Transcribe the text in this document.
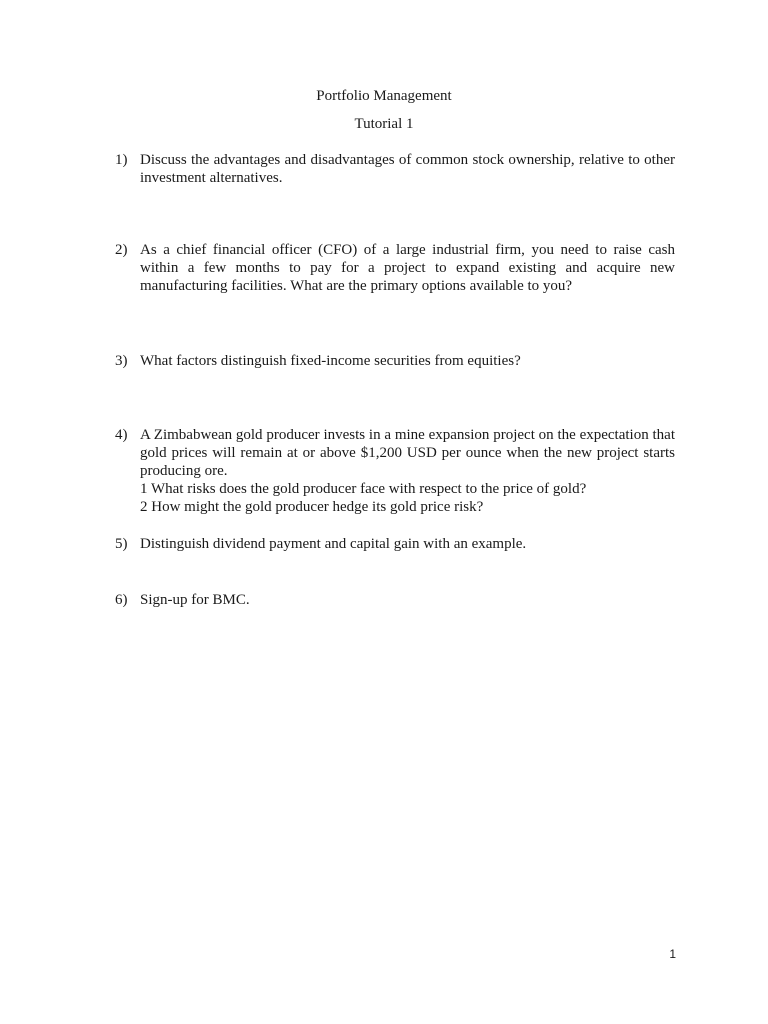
Portfolio Management
Tutorial 1
1) Discuss the advantages and disadvantages of common stock ownership, relative to other investment alternatives.
2) As a chief financial officer (CFO) of a large industrial firm, you need to raise cash within a few months to pay for a project to expand existing and acquire new manufacturing facilities. What are the primary options available to you?
3) What factors distinguish fixed-income securities from equities?
4) A Zimbabwean gold producer invests in a mine expansion project on the expectation that gold prices will remain at or above $1,200 USD per ounce when the new project starts producing ore.
1 What risks does the gold producer face with respect to the price of gold?
2 How might the gold producer hedge its gold price risk?
5) Distinguish dividend payment and capital gain with an example.
6) Sign-up for BMC.
1
